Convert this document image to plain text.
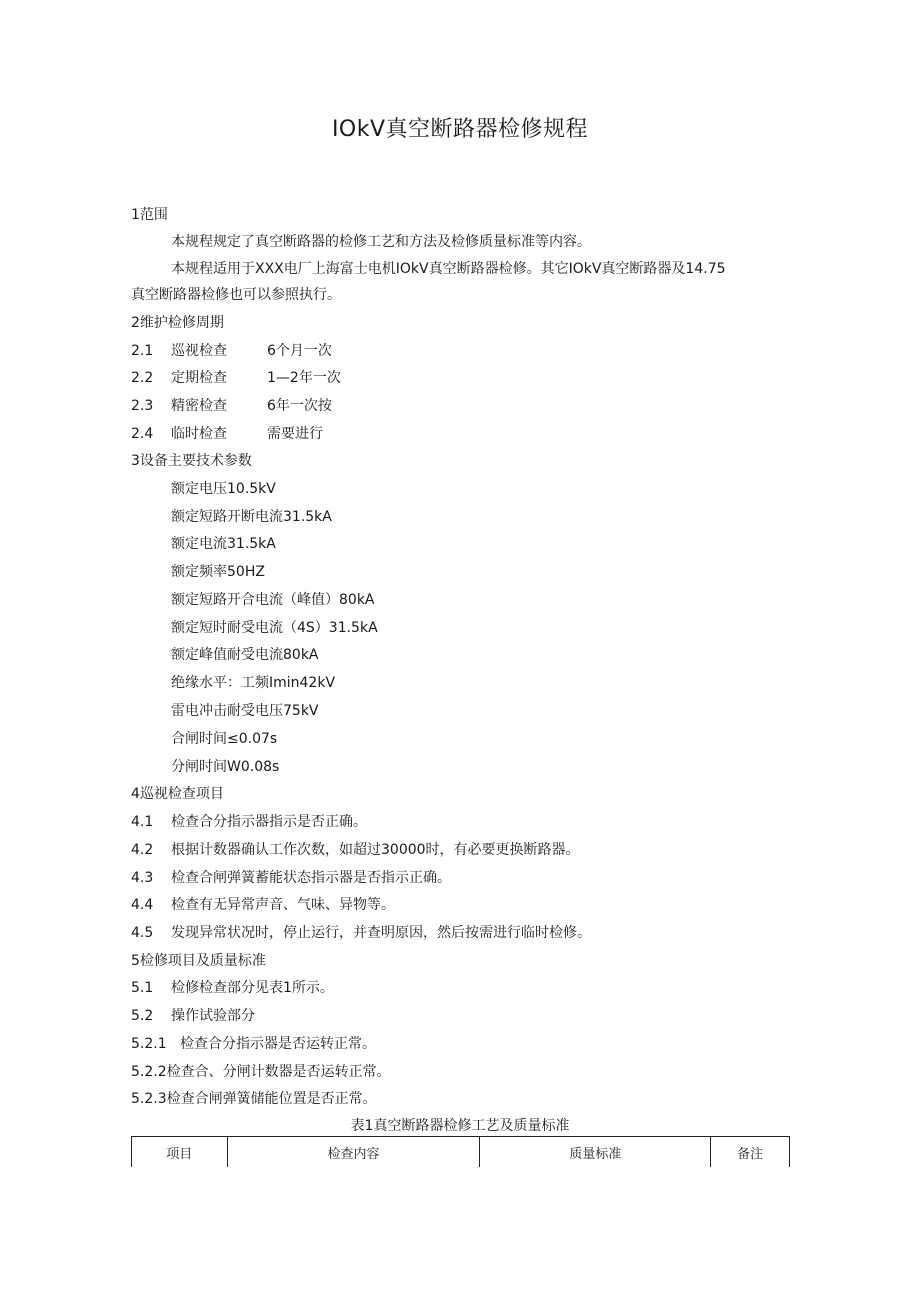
IOkV真空断路器检修规程
1范围
本规程规定了真空断路器的检修工艺和方法及检修质量标准等内容。
本规程适用于XXX电厂上海富士电机IOkV真空断路器检修。其它IOkV真空断路器及14.75
真空断路器检修也可以参照执行。
2维护检修周期
2.1 巡视检查	6个月一次
2.2 定期检查	1—2年一次
2.3 精密检查	6年一次按
2.4 临时检查	需要进行
3设备主要技术参数
额定电压10.5kV
额定短路开断电流31.5kA
额定电流31.5kA
额定频率50HZ
额定短路开合电流（峰值）80kA
额定短时耐受电流（4S）31.5kA
额定峰值耐受电流80kA
绝缘水平：工频Imin42kV
雷电冲击耐受电压75kV
合闸时间≤0.07s
分闸时间W0.08s
4巡视检查项目
4.1 检查合分指示器指示是否正确。
4.2 根据计数器确认工作次数，如超过30000时，有必要更换断路器。
4.3 检查合闸弹簧蓄能状态指示器是否指示正确。
4.4 检查有无异常声音、气味、异物等。
4.5 发现异常状况时，停止运行，并查明原因，然后按需进行临时检修。
5检修项目及质量标准
5.1 检修检查部分见表1所示。
5.2 操作试验部分
5.2.1   检查合分指示器是否运转正常。
5.2.2检查合、分闸计数器是否运转正常。
5.2.3检查合闸弹簧储能位置是否正常。
表1真空断路器检修工艺及质量标准
项目	检查内容	质量标准	备注
